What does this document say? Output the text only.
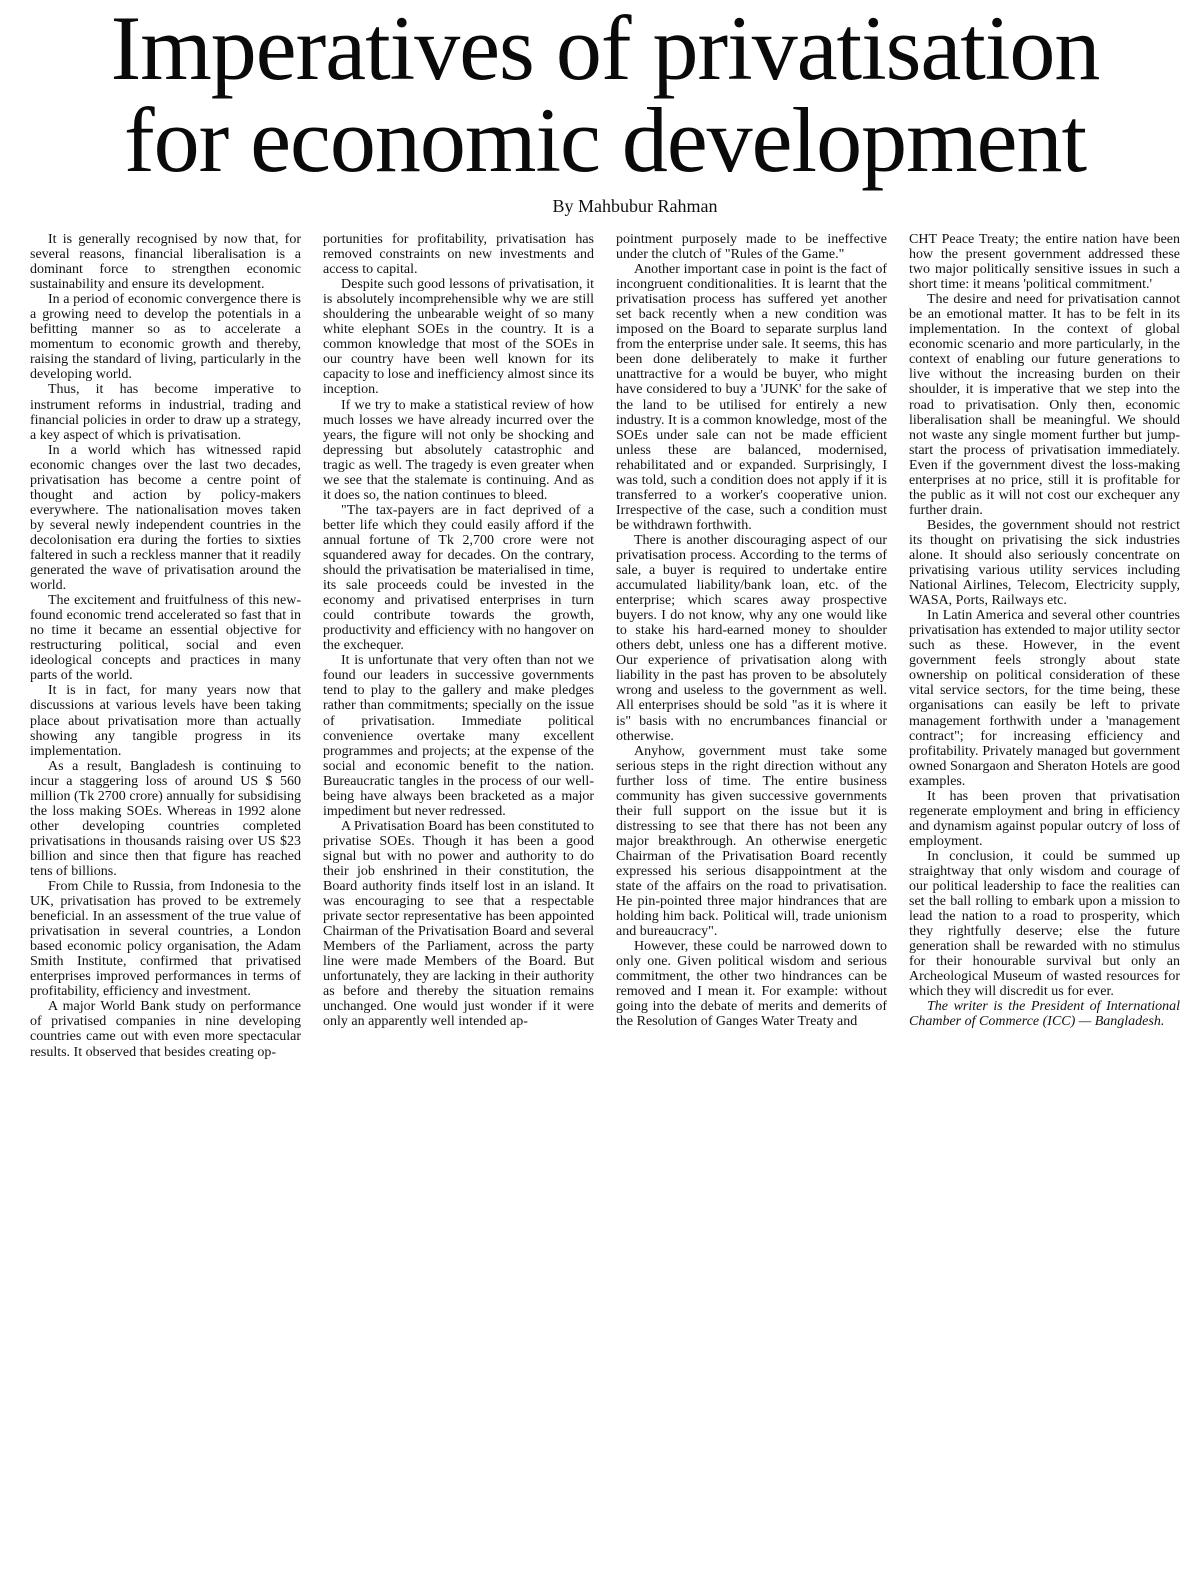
Imperatives of privatisation
for economic development
By Mahbubur Rahman

It is generally recognised by now that, for several reasons, financial liberalisation is a dominant force to strengthen economic sustainability and ensure its development.

In a period of economic convergence there is a growing need to develop the potentials in a befitting manner so as to accelerate a momentum to economic growth and thereby, raising the standard of living, particularly in the developing world.

Thus, it has become imperative to instrument reforms in industrial, trading and financial policies in order to draw up a strategy, a key aspect of which is privatisation.

In a world which has witnessed rapid economic changes over the last two decades, privatisation has become a centre point of thought and action by policy-makers everywhere. The nationalisation moves taken by several newly independent countries in the decolonisation era during the forties to sixties faltered in such a reckless manner that it readily generated the wave of privatisation around the world.

The excitement and fruitfulness of this new-found economic trend accelerated so fast that in no time it became an essential objective for restructuring political, social and even ideological concepts and practices in many parts of the world.

It is in fact, for many years now that discussions at various levels have been taking place about privatisation more than actually showing any tangible progress in its implementation.

As a result, Bangladesh is continuing to incur a staggering loss of around US $ 560 million (Tk 2700 crore) annually for subsidising the loss making SOEs. Whereas in 1992 alone other developing countries completed privatisations in thousands raising over US $23 billion and since then that figure has reached tens of billions.

From Chile to Russia, from Indonesia to the UK, privatisation has proved to be extremely beneficial. In an assessment of the true value of privatisation in several countries, a London based economic policy organisation, the Adam Smith Institute, confirmed that privatised enterprises improved performances in terms of profitability, efficiency and investment.

A major World Bank study on performance of privatised companies in nine developing countries came out with even more spectacular results. It observed that besides creating op-

portunities for profitability, privatisation has removed constraints on new investments and access to capital.

Despite such good lessons of privatisation, it is absolutely incomprehensible why we are still shouldering the unbearable weight of so many white elephant SOEs in the country. It is a common knowledge that most of the SOEs in our country have been well known for its capacity to lose and inefficiency almost since its inception.

If we try to make a statistical review of how much losses we have already incurred over the years, the figure will not only be shocking and depressing but absolutely catastrophic and tragic as well. The tragedy is even greater when we see that the stalemate is continuing. And as it does so, the nation continues to bleed.

"The tax-payers are in fact deprived of a better life which they could easily afford if the annual fortune of Tk 2,700 crore were not squandered away for decades. On the contrary, should the privatisation be materialised in time, its sale proceeds could be invested in the economy and privatised enterprises in turn could contribute towards the growth, productivity and efficiency with no hangover on the exchequer.

It is unfortunate that very often than not we found our leaders in successive governments tend to play to the gallery and make pledges rather than commitments; specially on the issue of privatisation. Immediate political convenience overtake many excellent programmes and projects; at the expense of the social and economic benefit to the nation. Bureaucratic tangles in the process of our well-being have always been bracketed as a major impediment but never redressed.

A Privatisation Board has been constituted to privatise SOEs. Though it has been a good signal but with no power and authority to do their job enshrined in their constitution, the Board authority finds itself lost in an island. It was encouraging to see that a respectable private sector representative has been appointed Chairman of the Privatisation Board and several Members of the Parliament, across the party line were made Members of the Board. But unfortunately, they are lacking in their authority as before and thereby the situation remains unchanged. One would just wonder if it were only an apparently well intended ap-

pointment purposely made to be ineffective under the clutch of "Rules of the Game."

Another important case in point is the fact of incongruent conditionalities. It is learnt that the privatisation process has suffered yet another set back recently when a new condition was imposed on the Board to separate surplus land from the enterprise under sale. It seems, this has been done deliberately to make it further unattractive for a would be buyer, who might have considered to buy a 'JUNK' for the sake of the land to be utilised for entirely a new industry. It is a common knowledge, most of the SOEs under sale can not be made efficient unless these are balanced, modernised, rehabilitated and or expanded. Surprisingly, I was told, such a condition does not apply if it is transferred to a worker's cooperative union. Irrespective of the case, such a condition must be withdrawn forthwith.

There is another discouraging aspect of our privatisation process. According to the terms of sale, a buyer is required to undertake entire accumulated liability/bank loan, etc. of the enterprise; which scares away prospective buyers. I do not know, why any one would like to stake his hard-earned money to shoulder others debt, unless one has a different motive. Our experience of privatisation along with liability in the past has proven to be absolutely wrong and useless to the government as well. All enterprises should be sold "as it is where it is" basis with no encrumbances financial or otherwise.

Anyhow, government must take some serious steps in the right direction without any further loss of time. The entire business community has given successive governments their full support on the issue but it is distressing to see that there has not been any major breakthrough. An otherwise energetic Chairman of the Privatisation Board recently expressed his serious disappointment at the state of the affairs on the road to privatisation. He pin-pointed three major hindrances that are holding him back. Political will, trade unionism and bureaucracy".

However, these could be narrowed down to only one. Given political wisdom and serious commitment, the other two hindrances can be removed and I mean it. For example: without going into the debate of merits and demerits of the Resolution of Ganges Water Treaty and

CHT Peace Treaty; the entire nation have been how the present government addressed these two major politically sensitive issues in such a short time: it means 'political commitment.'

The desire and need for privatisation cannot be an emotional matter. It has to be felt in its implementation. In the context of global economic scenario and more particularly, in the context of enabling our future generations to live without the increasing burden on their shoulder, it is imperative that we step into the road to privatisation. Only then, economic liberalisation shall be meaningful. We should not waste any single moment further but jump-start the process of privatisation immediately. Even if the government divest the loss-making enterprises at no price, still it is profitable for the public as it will not cost our exchequer any further drain.

Besides, the government should not restrict its thought on privatising the sick industries alone. It should also seriously concentrate on privatising various utility services including National Airlines, Telecom, Electricity supply, WASA, Ports, Railways etc.

In Latin America and several other countries privatisation has extended to major utility sector such as these. However, in the event government feels strongly about state ownership on political consideration of these vital service sectors, for the time being, these organisations can easily be left to private management forthwith under a 'management contract"; for increasing efficiency and profitability. Privately managed but government owned Sonargaon and Sheraton Hotels are good examples.

It has been proven that privatisation regenerate employment and bring in efficiency and dynamism against popular outcry of loss of employment.

In conclusion, it could be summed up straightway that only wisdom and courage of our political leadership to face the realities can set the ball rolling to embark upon a mission to lead the nation to a road to prosperity, which they rightfully deserve; else the future generation shall be rewarded with no stimulus for their honourable survival but only an Archeological Museum of wasted resources for which they will discredit us for ever.

The writer is the President of International Chamber of Commerce (ICC) — Bangladesh.
